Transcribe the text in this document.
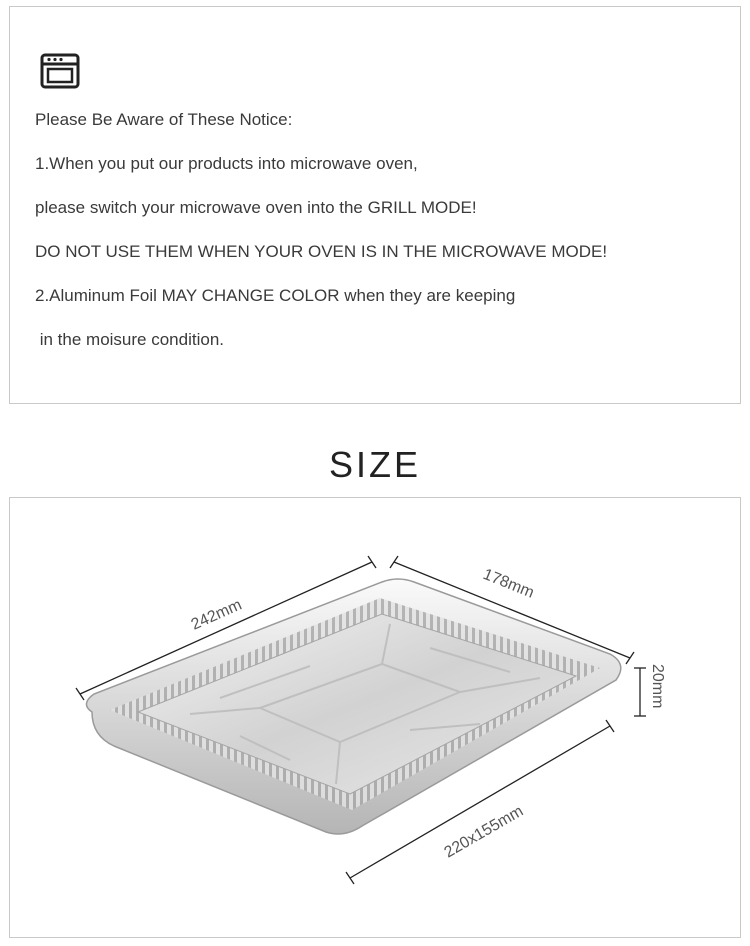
Please Be Aware of These Notice:
1.When you put our products into microwave oven,
please switch your microwave oven into the GRILL MODE!
DO NOT USE THEM WHEN YOUR OVEN IS IN THE MICROWAVE MODE!
2.Aluminum Foil MAY CHANGE COLOR when they are keeping
in the moisure condition.
SIZE
242mm
178mm
20mm
220x155mm
